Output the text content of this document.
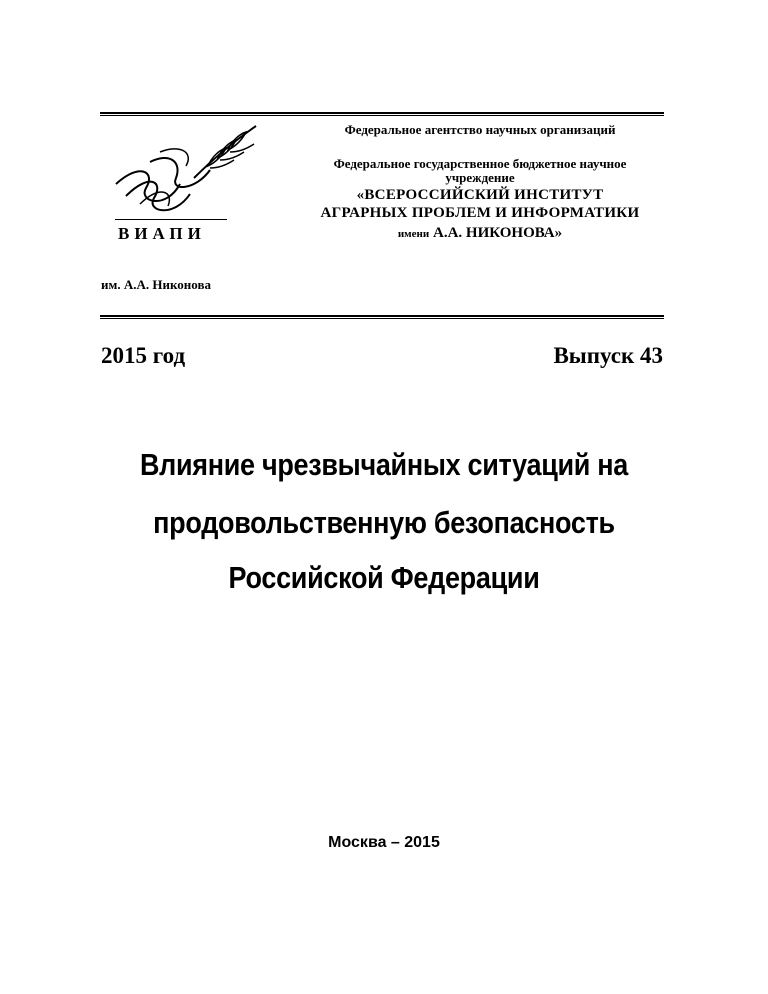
ВИАПИ
Федеральное агентство научных организаций
Федеральное государственное бюджетное научное
учреждение
«ВСЕРОССИЙСКИЙ ИНСТИТУТ
АГРАРНЫХ ПРОБЛЕМ И ИНФОРМАТИКИ
имени А.А. НИКОНОВА»
им. А.А. Никонова
2015 год	Выпуск 43
Влияние чрезвычайных ситуаций на
продовольственную безопасность
Российской Федерации
Москва – 2015
